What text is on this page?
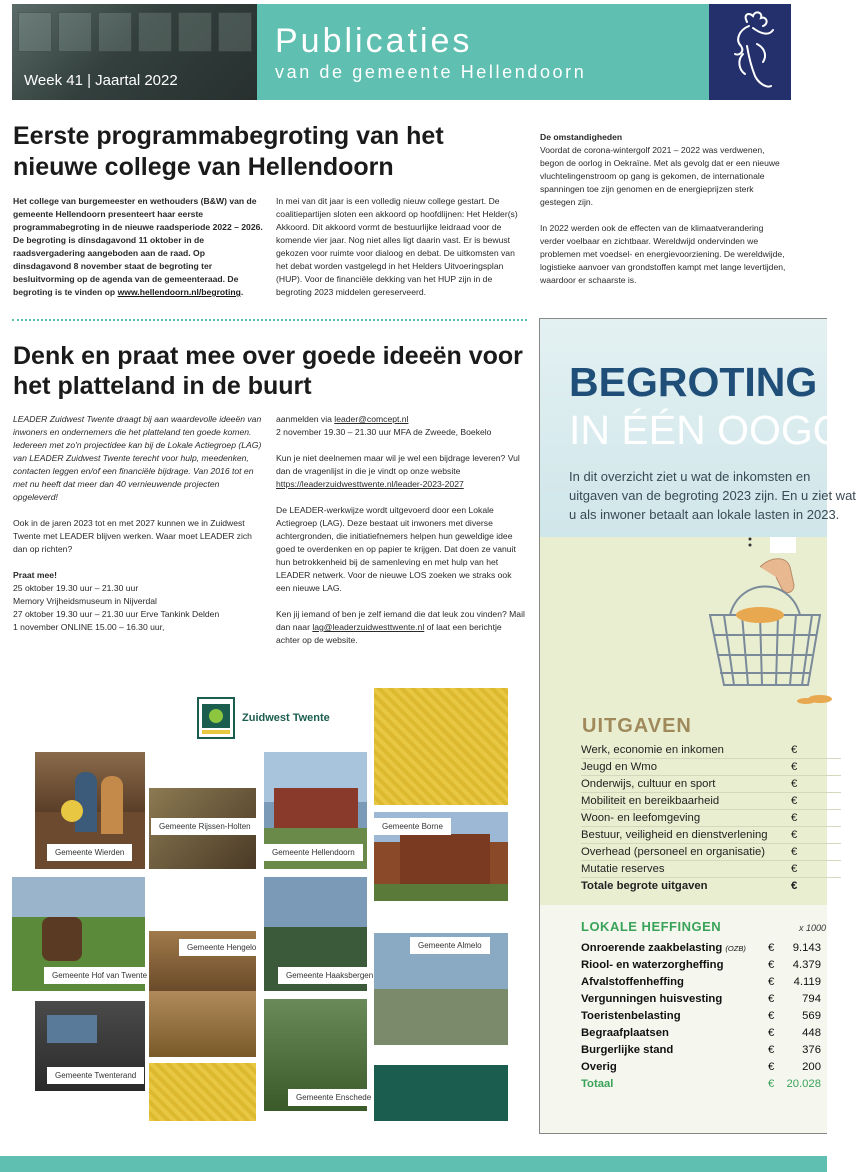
Week 41 | Jaartal 2022
Publicaties
van de gemeente Hellendoorn
Eerste programmabegroting van het nieuwe college van Hellendoorn

Het college van burgemeester en wethouders (B&W) van de gemeente Hellendoorn presenteert haar eerste programmabegroting in de nieuwe raadsperiode 2022 – 2026. De begroting is dinsdagavond 11 oktober in de raadsvergadering aangeboden aan de raad. Op dinsdagavond 8 november staat de begroting ter besluitvorming op de agenda van de gemeenteraad. De begroting is te vinden op www.hellendoorn.nl/begroting.

In mei van dit jaar is een volledig nieuw college gestart. De coalitiepartijen sloten een akkoord op hoofdlijnen: Het Helder(s) Akkoord. Dit akkoord vormt de bestuurlijke leidraad voor de komende vier jaar. Nog niet alles ligt daarin vast. Er is bewust gekozen voor ruimte voor dialoog en debat. De uitkomsten van het debat worden vastgelegd in het Helders Uitvoeringsplan (HUP). Voor de financiële dekking van het HUP zijn in de begroting 2023 middelen gereserveerd.

De omstandigheden

Voordat de corona-wintergolf 2021 – 2022 was verdwenen, begon de oorlog in Oekraïne. Met als gevolg dat er een nieuwe vluchtelingenstroom op gang is gekomen, de internationale spanningen toe zijn genomen en de energieprijzen sterk gestegen zijn.

In 2022 werden ook de effecten van de klimaatverandering verder voelbaar en zichtbaar. Wereldwijd ondervinden we problemen met voedsel- en energievoorziening. De wereldwijde, logistieke aanvoer van grondstoffen kampt met lange levertijden, waardoor er schaarste is.

Denk en praat mee over goede ideeën voor het platteland in de buurt

LEADER Zuidwest Twente draagt bij aan waardevolle ideeën van inwoners en ondernemers die het platteland ten goede komen. Iedereen met zo'n projectidee kan bij de Lokale Actiegroep (LAG) van LEADER Zuidwest Twente terecht voor hulp, meedenken, contacten leggen en/of een financiële bijdrage. Van 2016 tot en met nu heeft dat meer dan 40 vernieuwende projecten opgeleverd!

Ook in de jaren 2023 tot en met 2027 kunnen we in Zuidwest Twente met LEADER blijven werken. Waar moet LEADER zich dan op richten?

Praat mee!
25 oktober 19.30 uur – 21.30 uur
Memory Vrijheidsmuseum in Nijverdal
27 oktober 19.30 uur – 21.30 uur Erve Tankink Delden
1 november ONLINE 15.00 – 16.30 uur,
aanmelden via leader@comcept.nl

2 november 19.30 – 21.30 uur MFA de Zweede, Boekelo

Kun je niet deelnemen maar wil je wel een bijdrage leveren? Vul dan de vragenlijst in die je vindt op onze website https://leaderzuidwesttwente.nl/leader-2023-2027

De LEADER-werkwijze wordt uitgevoerd door een Lokale Actiegroep (LAG). Deze bestaat uit inwoners met diverse achtergronden, die initiatiefnemers helpen hun geweldige idee goed te overdenken en op papier te krijgen. Dat doen ze vanuit hun betrokkenheid bij de samenleving en met hulp van het LEADER netwerk. Voor de nieuwe LOS zoeken we straks ook een nieuwe LAG.

Ken jij iemand of ben je zelf iemand die dat leuk zou vinden? Mail dan naar lag@leaderzuidwesttwente.nl of laat een berichtje achter op de website.

Zuidwest Twente
Gemeente Wierden
Gemeente Rijssen-Holten
Gemeente Hellendoorn
Gemeente Borne
Gemeente Hof van Twente
Gemeente Hengelo
Gemeente Haaksbergen
Gemeente Almelo
Gemeente Twenterand
Gemeente Enschede
BEGROTING
IN ÉÉN OOGO
In dit overzicht ziet u wat de inkomsten en uitgaven van de begroting 2023 zijn. En u ziet wat u als inwoner betaalt aan lokale lasten in 2023.
UITGAVEN
Werk, economie en inkomen	€
Jeugd en Wmo	€
Onderwijs, cultuur en sport	€
Mobiliteit en bereikbaarheid	€
Woon- en leefomgeving	€
Bestuur, veiligheid en dienstverlening €
Overhead (personeel en organisatie) €
Mutatie reserves	€
Totale begrote uitgaven	€
LOKALE HEFFINGEN	x 1000
Onroerende zaakbelasting (OZB) €	9.143
Riool- en waterzorgheffing	€	4.379
Afvalstoffenheffing	€	4.119
Vergunningen huisvesting	€	794
Toeristenbelasting	€	569
Begraafplaatsen	€	448
Burgerlijke stand	€	376
Overig	€	200
Totaal	€	20.028
